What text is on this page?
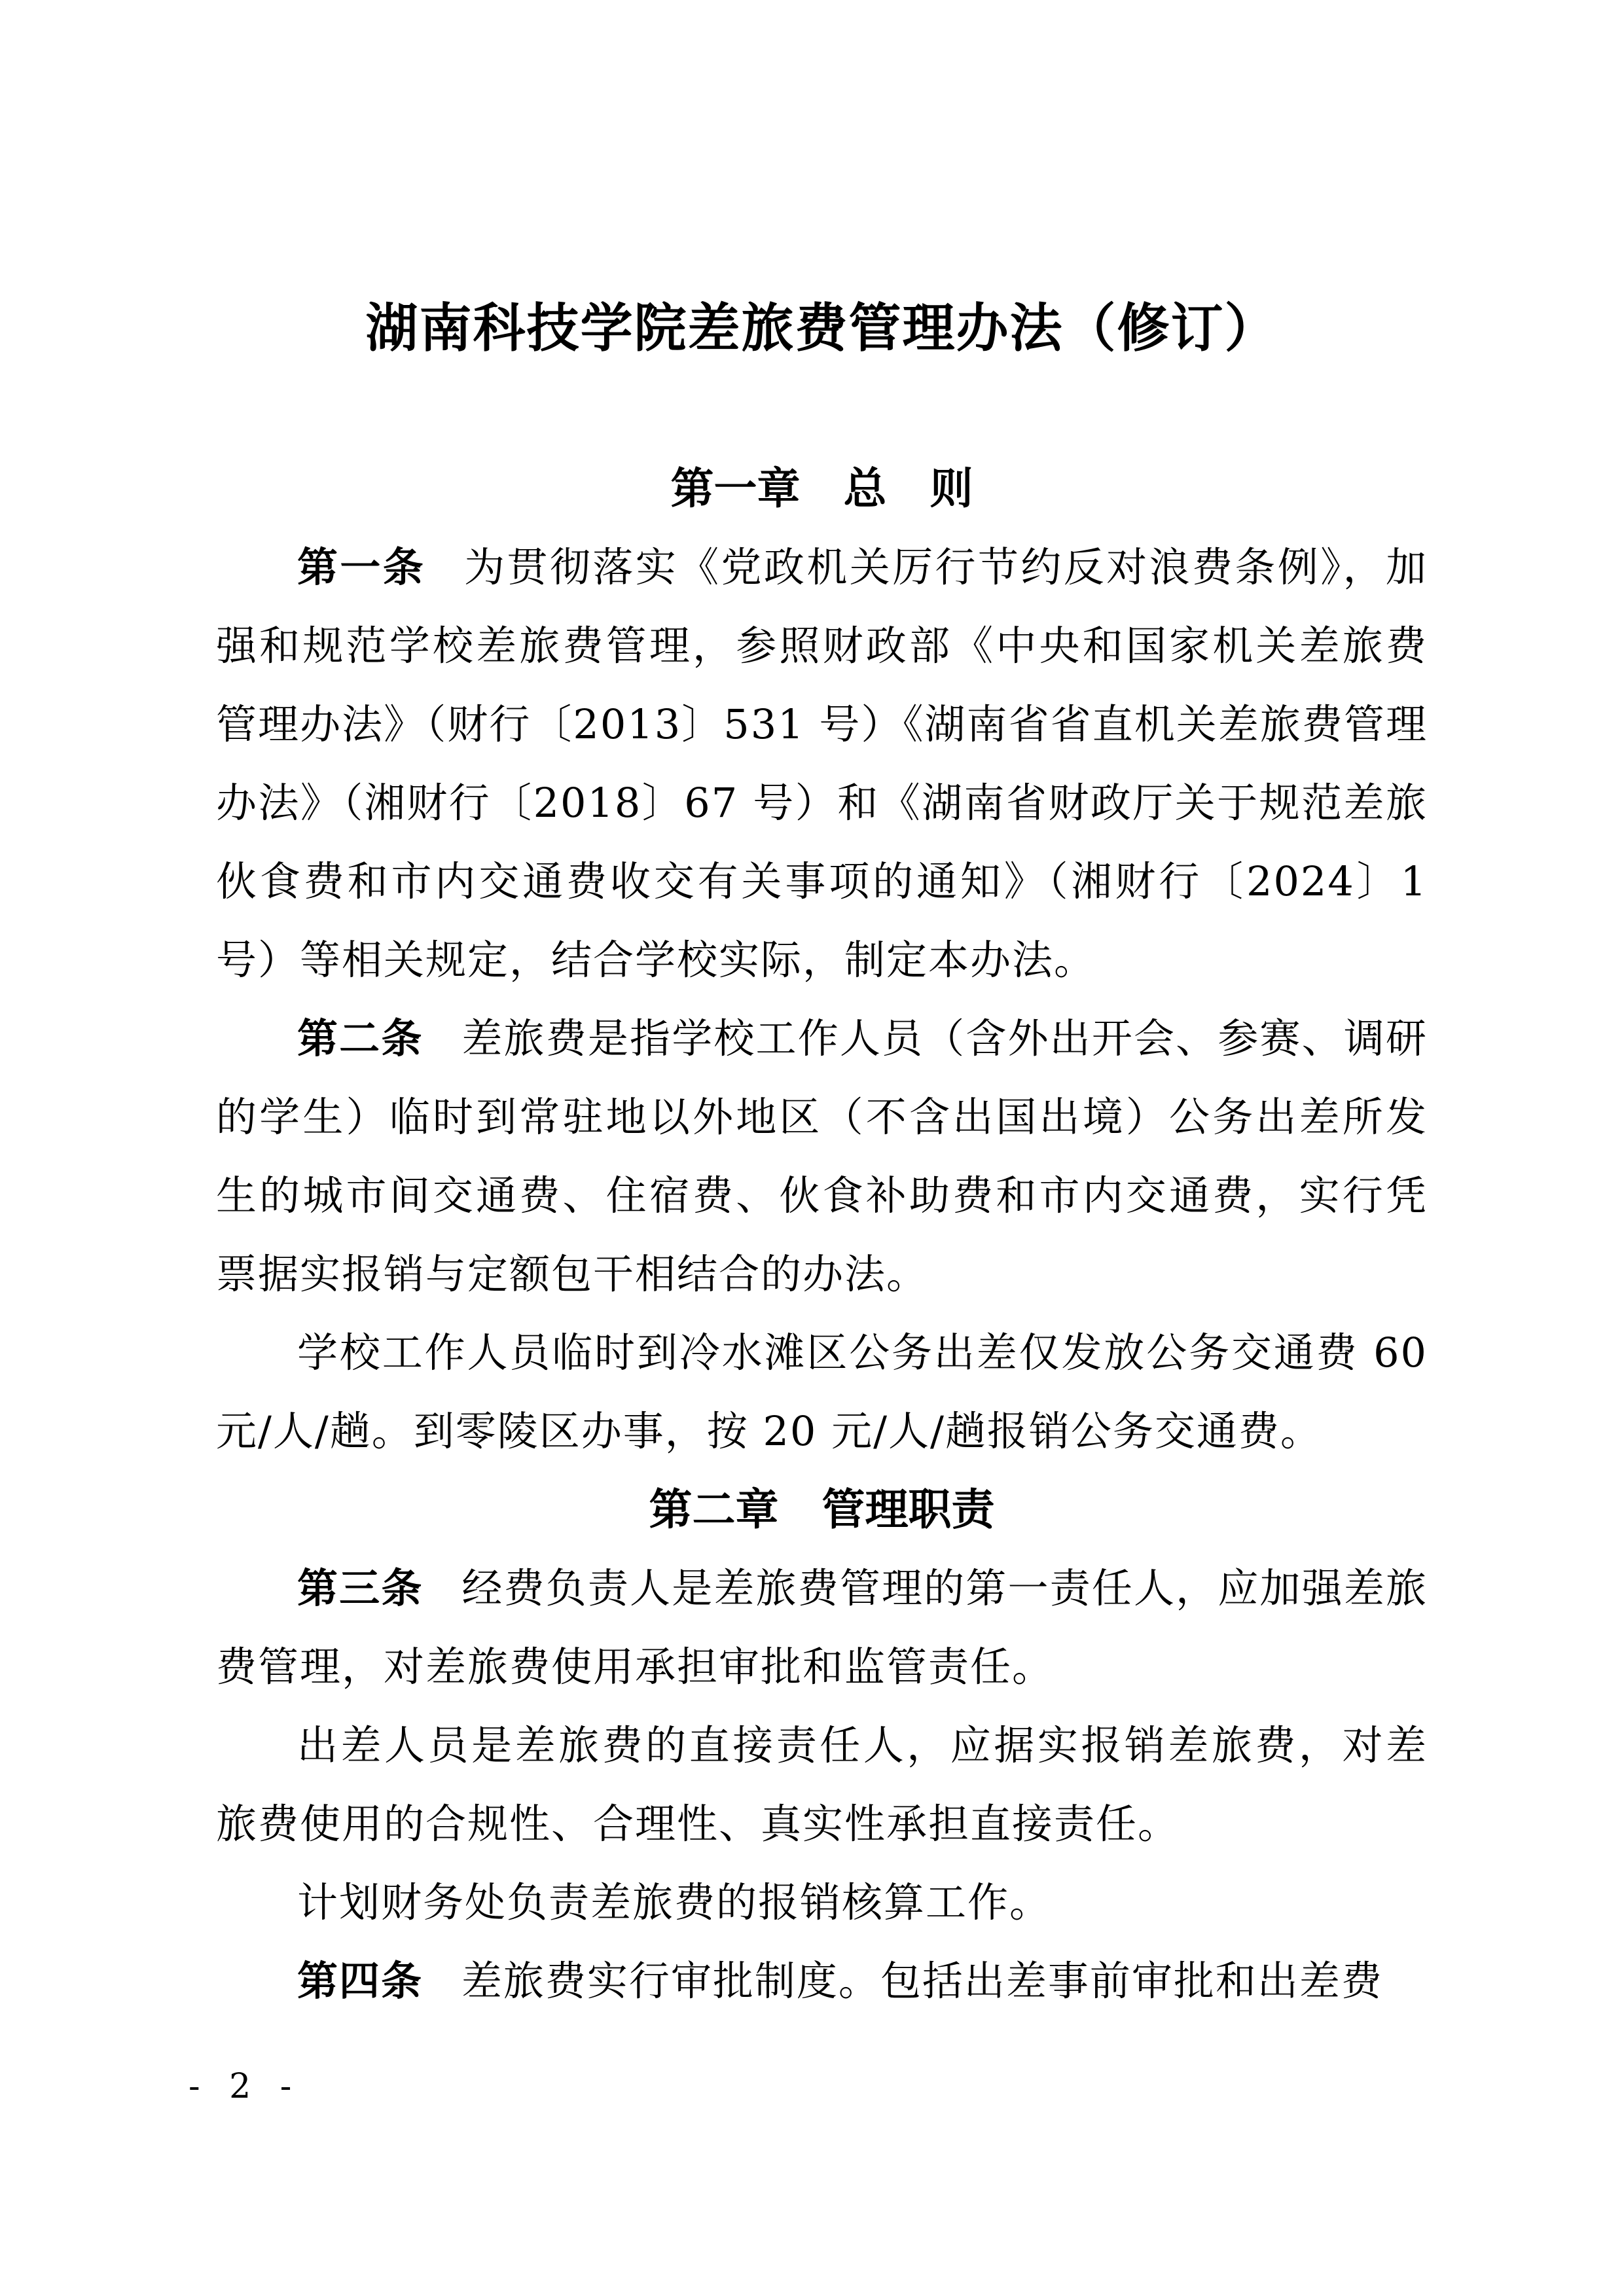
湖南科技学院差旅费管理办法（修订）
第一章　总　则

第一条 为贯彻落实《党政机关厉行节约反对浪费条例》，加强和规范学校差旅费管理，参照财政部《中央和国家机关差旅费管理办法》（财行〔2013〕531 号）《湖南省省直机关差旅费管理办法》（湘财行〔2018〕67 号）和《湖南省财政厅关于规范差旅伙食费和市内交通费收交有关事项的通知》（湘财行〔2024〕1 号）等相关规定，结合学校实际，制定本办法。

第二条 差旅费是指学校工作人员（含外出开会、参赛、调研的学生）临时到常驻地以外地区（不含出国出境）公务出差所发生的城市间交通费、住宿费、伙食补助费和市内交通费，实行凭票据实报销与定额包干相结合的办法。

学校工作人员临时到冷水滩区公务出差仅发放公务交通费 60 元/人/趟。到零陵区办事，按 20 元/人/趟报销公务交通费。

第二章　管理职责

第三条 经费负责人是差旅费管理的第一责任人，应加强差旅费管理，对差旅费使用承担审批和监管责任。

出差人员是差旅费的直接责任人，应据实报销差旅费，对差旅费使用的合规性、合理性、真实性承担直接责任。

计划财务处负责差旅费的报销核算工作。

第四条 差旅费实行审批制度。包括出差事前审批和出差费

- 2 -
